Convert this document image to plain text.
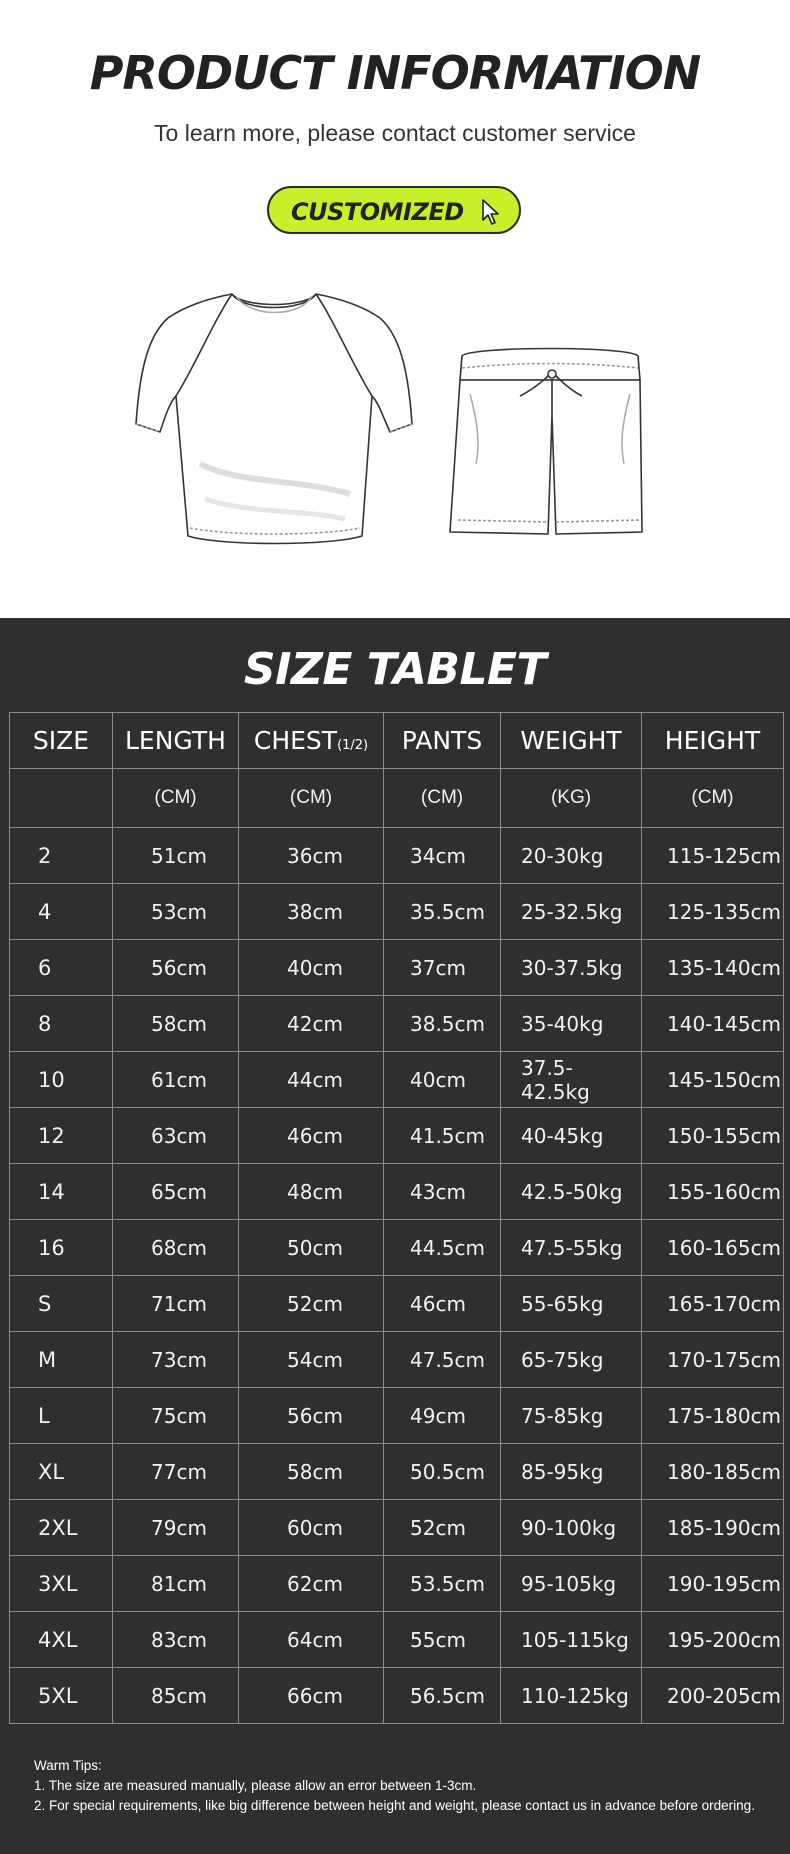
PRODUCT INFORMATION
To learn more, please contact customer service
CUSTOMIZED
SIZE TABLET
SIZE	LENGTH	CHEST(1/2)	PANTS	WEIGHT	HEIGHT
	(CM)	(CM)	(CM)	(KG)	(CM)
2	51cm	36cm	34cm	20-30kg	115-125cm
4	53cm	38cm	35.5cm	25-32.5kg	125-135cm
6	56cm	40cm	37cm	30-37.5kg	135-140cm
8	58cm	42cm	38.5cm	35-40kg	140-145cm
10	61cm	44cm	40cm	37.5-42.5kg	145-150cm
12	63cm	46cm	41.5cm	40-45kg	150-155cm
14	65cm	48cm	43cm	42.5-50kg	155-160cm
16	68cm	50cm	44.5cm	47.5-55kg	160-165cm
S	71cm	52cm	46cm	55-65kg	165-170cm
M	73cm	54cm	47.5cm	65-75kg	170-175cm
L	75cm	56cm	49cm	75-85kg	175-180cm
XL	77cm	58cm	50.5cm	85-95kg	180-185cm
2XL	79cm	60cm	52cm	90-100kg	185-190cm
3XL	81cm	62cm	53.5cm	95-105kg	190-195cm
4XL	83cm	64cm	55cm	105-115kg	195-200cm
5XL	85cm	66cm	56.5cm	110-125kg	200-205cm
Warm Tips:
1. The size are measured manually, please allow an error between 1-3cm.
2. For special requirements, like big difference between height and weight, please contact us in advance before ordering.
